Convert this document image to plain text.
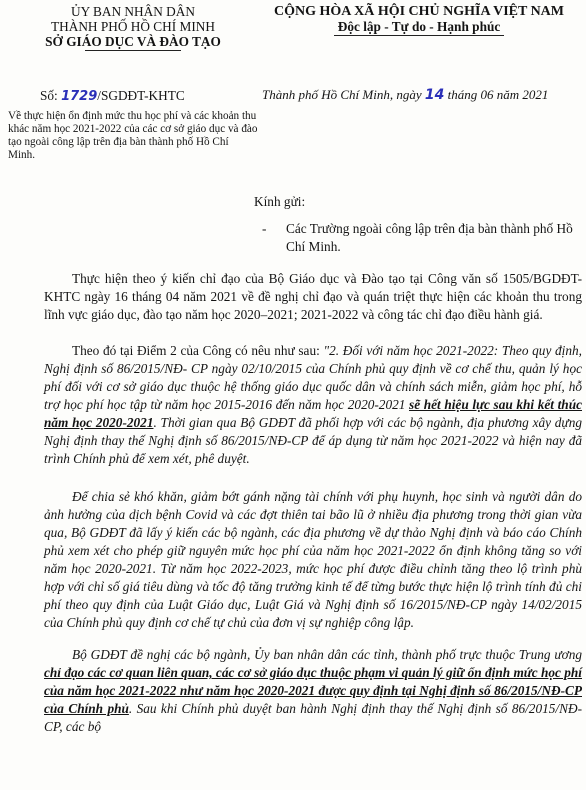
ỦY BAN NHÂN DÂN
THÀNH PHỐ HỒ CHÍ MINH
SỞ GIÁO DỤC VÀ ĐÀO TẠO
CỘNG HÒA XÃ HỘI CHỦ NGHĨA VIỆT NAM
Độc lập - Tự do - Hạnh phúc
Số: 1729/SGDĐT-KHTC	Thành phố Hồ Chí Minh, ngày 14 tháng 06 năm 2021
Về thực hiện ổn định mức thu học phí và các khoản thu khác năm học 2021-2022 của các cơ sở giáo dục và đào tạo ngoài công lập trên địa bàn thành phố Hồ Chí Minh.
Kính gửi:
- Các Trường ngoài công lập trên địa bàn thành phố Hồ Chí Minh.

Thực hiện theo ý kiến chỉ đạo của Bộ Giáo dục và Đào tạo tại Công văn số 1505/BGDĐT-KHTC ngày 16 tháng 04 năm 2021 về đề nghị chỉ đạo và quán triệt thực hiện các khoản thu trong lĩnh vực giáo dục, đào tạo năm học 2020–2021; 2021-2022 và công tác chỉ đạo điều hành giá.

Theo đó tại Điểm 2 của Công có nêu như sau: "2. Đối với năm học 2021-2022: Theo quy định, Nghị định số 86/2015/NĐ- CP ngày 02/10/2015 của Chính phủ quy định về cơ chế thu, quản lý học phí đối với cơ sở giáo dục thuộc hệ thống giáo dục quốc dân và chính sách miễn, giảm học phí, hỗ trợ học phí học tập từ năm học 2015-2016 đến năm học 2020-2021 sẽ hết hiệu lực sau khi kết thúc năm học 2020-2021. Thời gian qua Bộ GDĐT đã phối hợp với các bộ ngành, địa phương xây dựng Nghị định thay thế Nghị định số 86/2015/NĐ-CP để áp dụng từ năm học 2021-2022 và hiện nay đã trình Chính phủ để xem xét, phê duyệt.

Để chia sẻ khó khăn, giảm bớt gánh nặng tài chính với phụ huynh, học sinh và người dân do ảnh hưởng của dịch bệnh Covid và các đợt thiên tai bão lũ ở nhiều địa phương trong thời gian vừa qua, Bộ GDĐT đã lấy ý kiến các bộ ngành, các địa phương về dự thảo Nghị định và báo cáo Chính phủ xem xét cho phép giữ nguyên mức học phí của năm học 2021-2022 ổn định không tăng so với năm học 2020-2021. Từ năm học 2022-2023, mức học phí được điều chỉnh tăng theo lộ trình phù hợp với chỉ số giá tiêu dùng và tốc độ tăng trưởng kinh tế để từng bước thực hiện lộ trình tính đủ chi phí theo quy định của Luật Giáo dục, Luật Giá và Nghị định số 16/2015/NĐ-CP ngày 14/02/2015 của Chính phủ quy định cơ chế tự chủ của đơn vị sự nghiệp công lập.

Bộ GDĐT đề nghị các bộ ngành, Ủy ban nhân dân các tỉnh, thành phố trực thuộc Trung ương chỉ đạo các cơ quan liên quan, các cơ sở giáo dục thuộc phạm vi quản lý giữ ổn định mức học phí của năm học 2021-2022 như năm học 2020-2021 được quy định tại Nghị định số 86/2015/NĐ-CP của Chính phủ. Sau khi Chính phủ duyệt ban hành Nghị định thay thế Nghị định số 86/2015/NĐ-CP, các bộ
